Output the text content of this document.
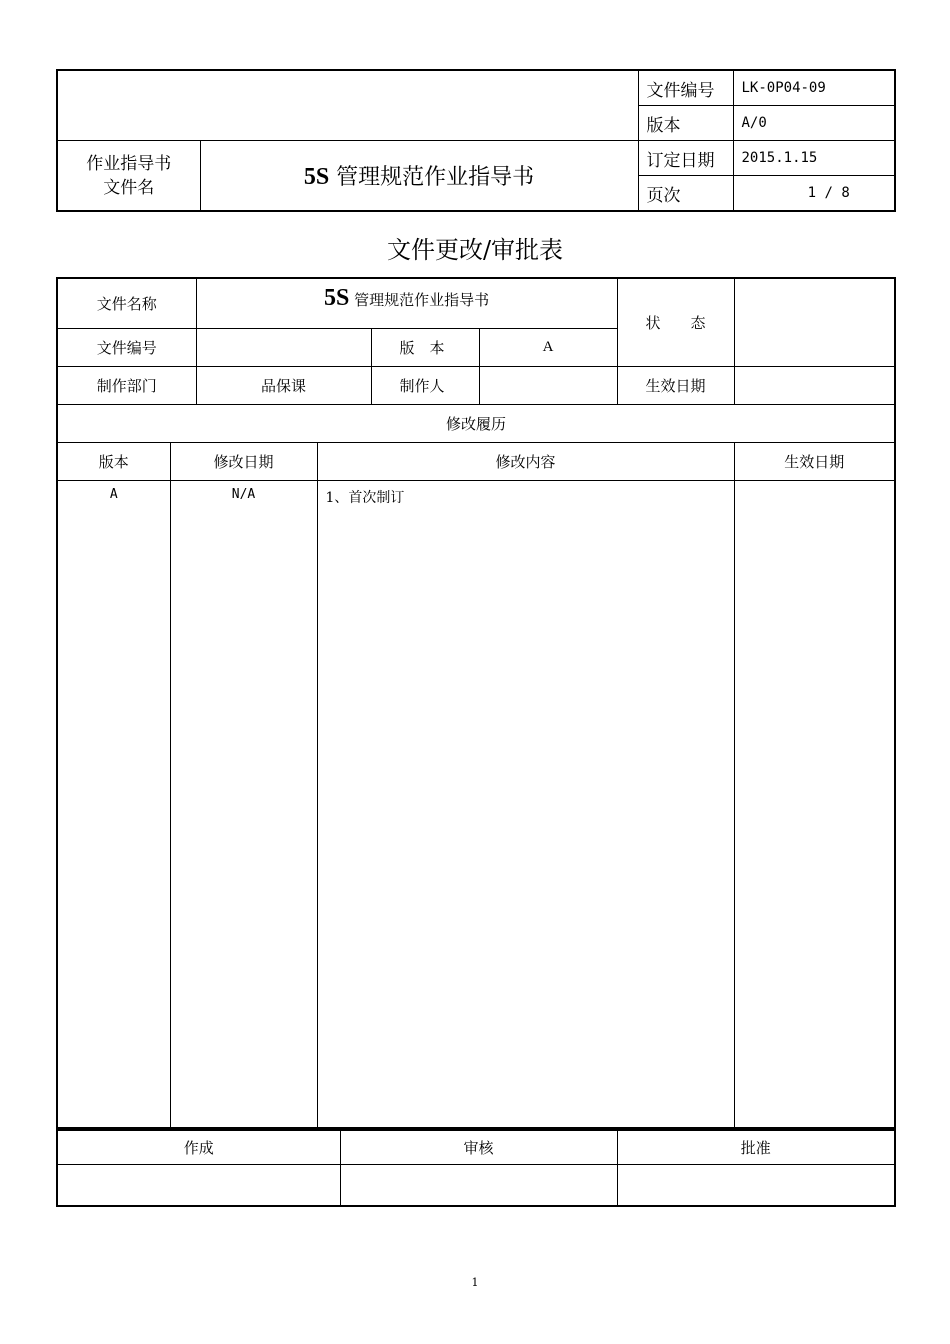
		文件编号	LK-0P04-09
		版本	A/0

作业指导书
文件名	5S 管理规范作业指导书	订定日期	2015.1.15
		页次	1 / 8
文件更改/审批表
文件名称		5S 管理规范作业指导书				状　　态	
文件编号				版　本	A		
制作部门		品保课		制作人		生效日期	
修改履历							
版本	修改日期		修改内容				生效日期
A	N/A		1、首次制订				
作成	审核	批准

1
